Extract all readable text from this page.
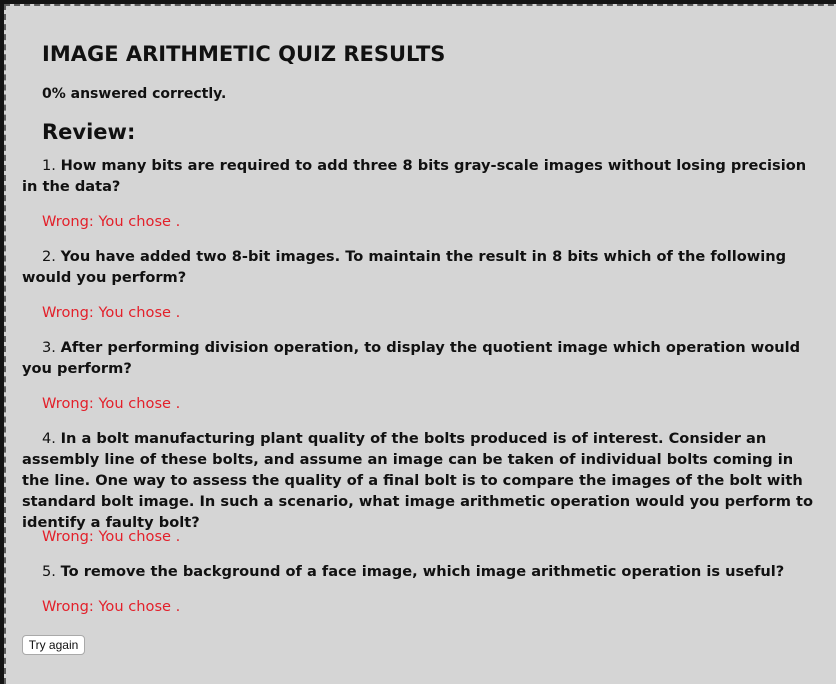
IMAGE ARITHMETIC QUIZ RESULTS

0% answered correctly.

Review:

1. How many bits are required to add three 8 bits gray-scale images without losing precision in the data?

Wrong: You chose .

2. You have added two 8-bit images. To maintain the result in 8 bits which of the following would you perform?

Wrong: You chose .

3. After performing division operation, to display the quotient image which operation would you perform?

Wrong: You chose .

4. In a bolt manufacturing plant quality of the bolts produced is of interest. Consider an assembly line of these bolts, and assume an image can be taken of individual bolts coming in the line. One way to assess the quality of a final bolt is to compare the images of the bolt with standard bolt image. In such a scenario, what image arithmetic operation would you perform to identify a faulty bolt?

Wrong: You chose .

5. To remove the background of a face image, which image arithmetic operation is useful?

Wrong: You chose .

Try again
